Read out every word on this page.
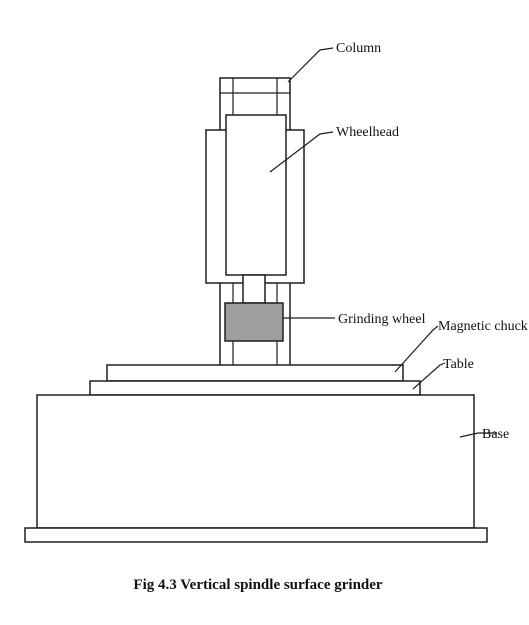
Column
Wheelhead
Grinding wheel Magnetic chuck
Table
Base
Fig 4.3 Vertical spindle surface grinder
